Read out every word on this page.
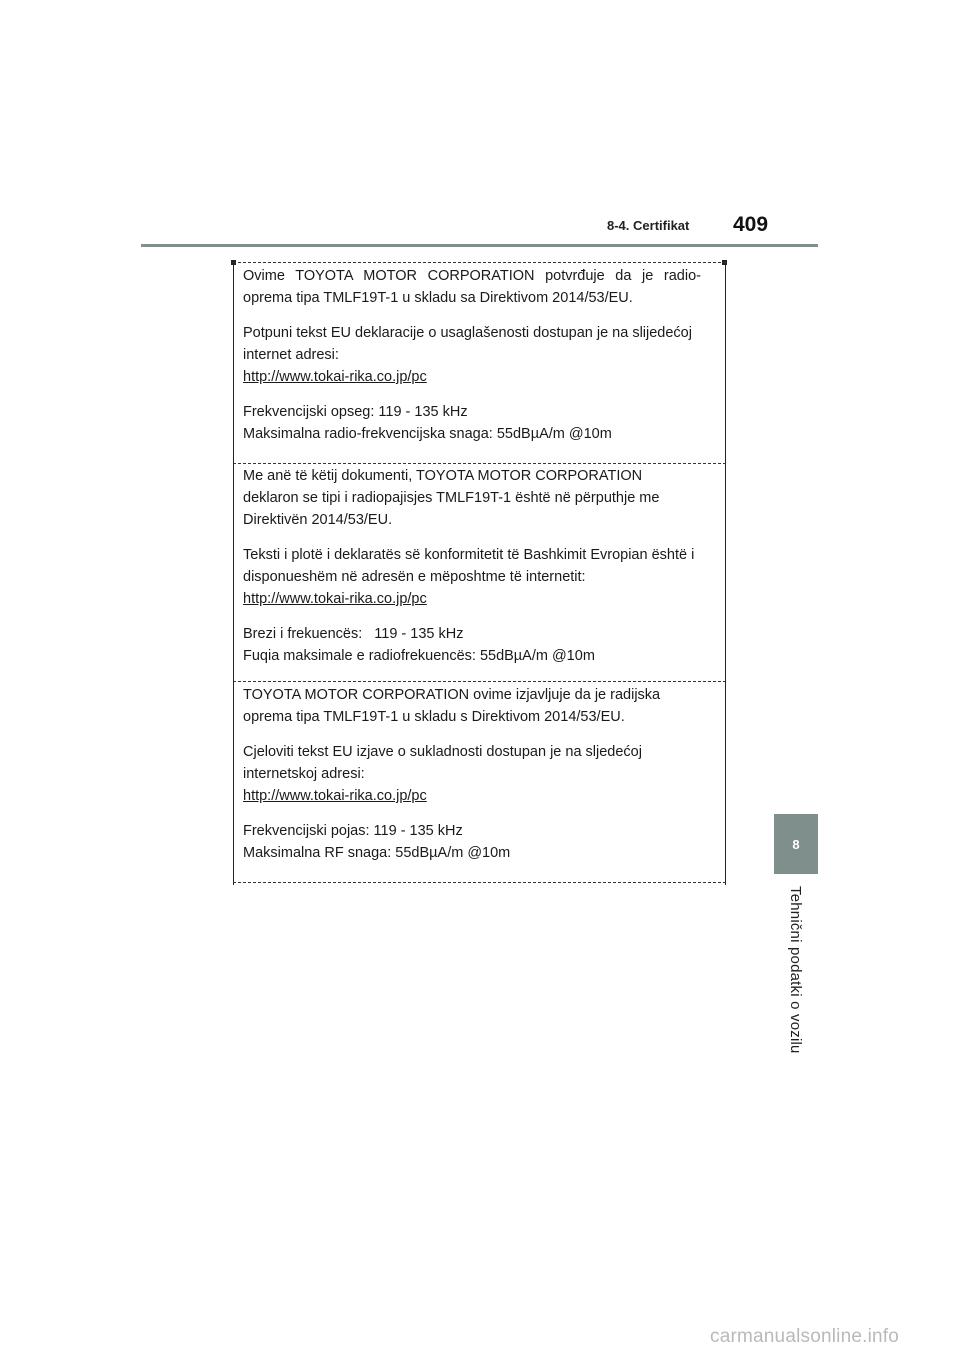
8-4. Certifikat 409

Ovime TOYOTA MOTOR CORPORATION potvrđuje da je radio-oprema tipa TMLF19T-1 u skladu sa Direktivom 2014/53/EU.

Potpuni tekst EU deklaracije o usaglašenosti dostupan je na slijedećoj internet adresi:

http://www.tokai-rika.co.jp/pc

Frekvencijski opseg: 119 - 135 kHz
Maksimalna radio-frekvencijska snaga: 55dBµA/m @10m
Me anë të këtij dokumenti, TOYOTA MOTOR CORPORATION
deklaron se tipi i radiopajisjes TMLF19T-1 është në përputhje me

Direktivën 2014/53/EU.

Teksti i plotë i deklaratës së konformitetit të Bashkimit Evropian është i disponueshëm në adresën e mëposhtme të internetit:

http://www.tokai-rika.co.jp/pc

Brezi i frekuencës: 119 - 135 kHz
Fuqia maksimale e radiofrekuencës: 55dBµA/m @10m

TOYOTA MOTOR CORPORATION ovime izjavljuje da je radijska oprema tipa TMLF19T-1 u skladu s Direktivom 2014/53/EU.

Cjeloviti tekst EU izjave o sukladnosti dostupan je na sljedećoj internetskoj adresi:

http://www.tokai-rika.co.jp/pc

Frekvencijski pojas: 119 - 135 kHz
Maksimalna RF snaga: 55dBµA/m @10m
8
Tehnični podatki o vozilu
carmanualsonline.info
